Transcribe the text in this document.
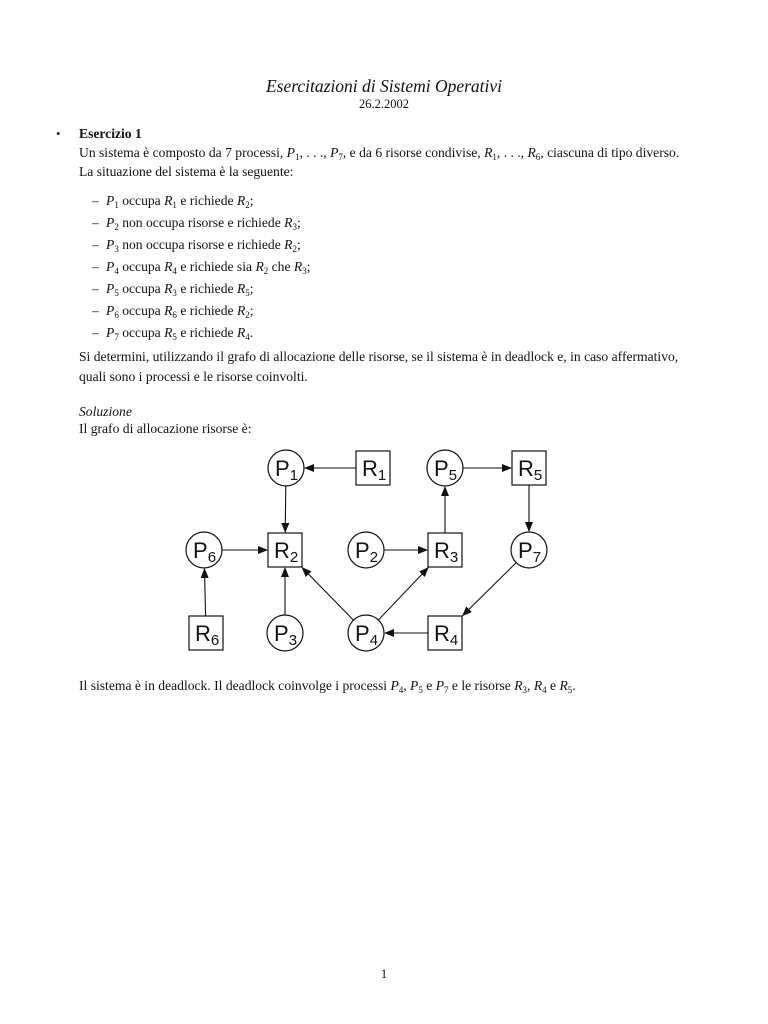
Esercitazioni di Sistemi Operativi
26.2.2002
• Esercizio 1
Un sistema è composto da 7 processi, $P_1$, . . ., $P_7$, e da 6 risorse condivise, $R_1$, . . ., $R_6$, ciascuna di tipo diverso.
La situazione del sistema è la seguente:
– $P_1$ occupa $R_1$ e richiede $R_2$;
– $P_2$ non occupa risorse e richiede $R_3$;
– $P_3$ non occupa risorse e richiede $R_2$;
– $P_4$ occupa $R_4$ e richiede sia $R_2$ che $R_3$;
– $P_5$ occupa $R_3$ e richiede $R_5$;
– $P_6$ occupa $R_6$ e richiede $R_2$;
– $P_7$ occupa $R_5$ e richiede $R_4$.
Si determini, utilizzando il grafo di allocazione delle risorse, se il sistema è in deadlock e, in caso affermativo,
quali sono i processi e le risorse coinvolti.
Soluzione
Il grafo di allocazione risorse è:
P1	R1 P5	R5
P6	R2	P2	R3	P7
R6 P3	P4	R4
Il sistema è in deadlock. Il deadlock coinvolge i processi $P_4$, $P_5$ e $P_7$ e le risorse $R_3$, $R_4$ e $R_5$.
1
